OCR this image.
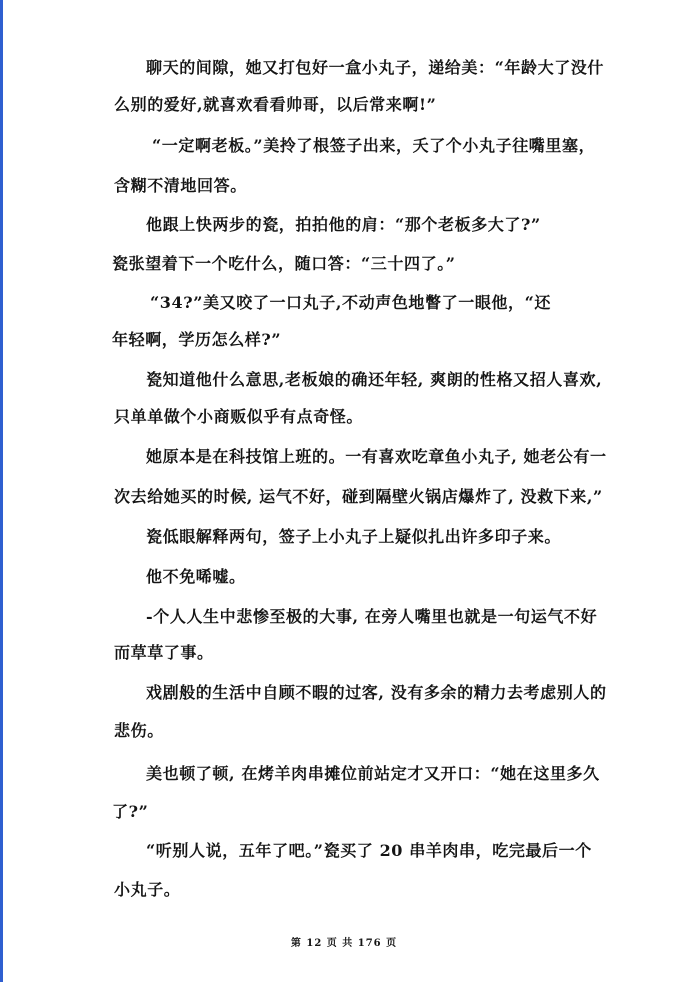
聊天的间隙，她又打包好一盒小丸子，递给美：“年龄大了没什
么别的爱好,就喜欢看看帅哥，以后常来啊!”
“一定啊老板。”美拎了根签子出来，夭了个小丸子往嘴里塞，
含糊不清地回答。
他跟上快两步的瓷，拍拍他的肩：“那个老板多大了?”
瓷张望着下一个吃什么，随口答：“三十四了。”
“34?”美又咬了一口丸子,不动声色地瞥了一眼他，“还
年轻啊，学历怎么样?”
瓷知道他什么意思,老板娘的确还年轻, 爽朗的性格又招人喜欢,
只单单做个小商贩似乎有点奇怪。
她原本是在科技馆上班的。一有喜欢吃章鱼小丸子, 她老公有一
次去给她买的时候, 运气不好，碰到隔壁火锅店爆炸了, 没救下来,”
瓷低眼解释两句，签子上小丸子上疑似扎出许多印子来。
他不免唏嘘。
-个人人生中悲惨至极的大事, 在旁人嘴里也就是一句运气不好
而草草了事。
戏剧般的生活中自顾不暇的过客, 没有多余的精力去考虑别人的
悲伤。
美也顿了顿, 在烤羊肉串摊位前站定才又开口：“她在这里多久
了?”
“听别人说，五年了吧。”瓷买了 20 串羊肉串，吃完最后一个
小丸子。
第 12 页 共 176 页
